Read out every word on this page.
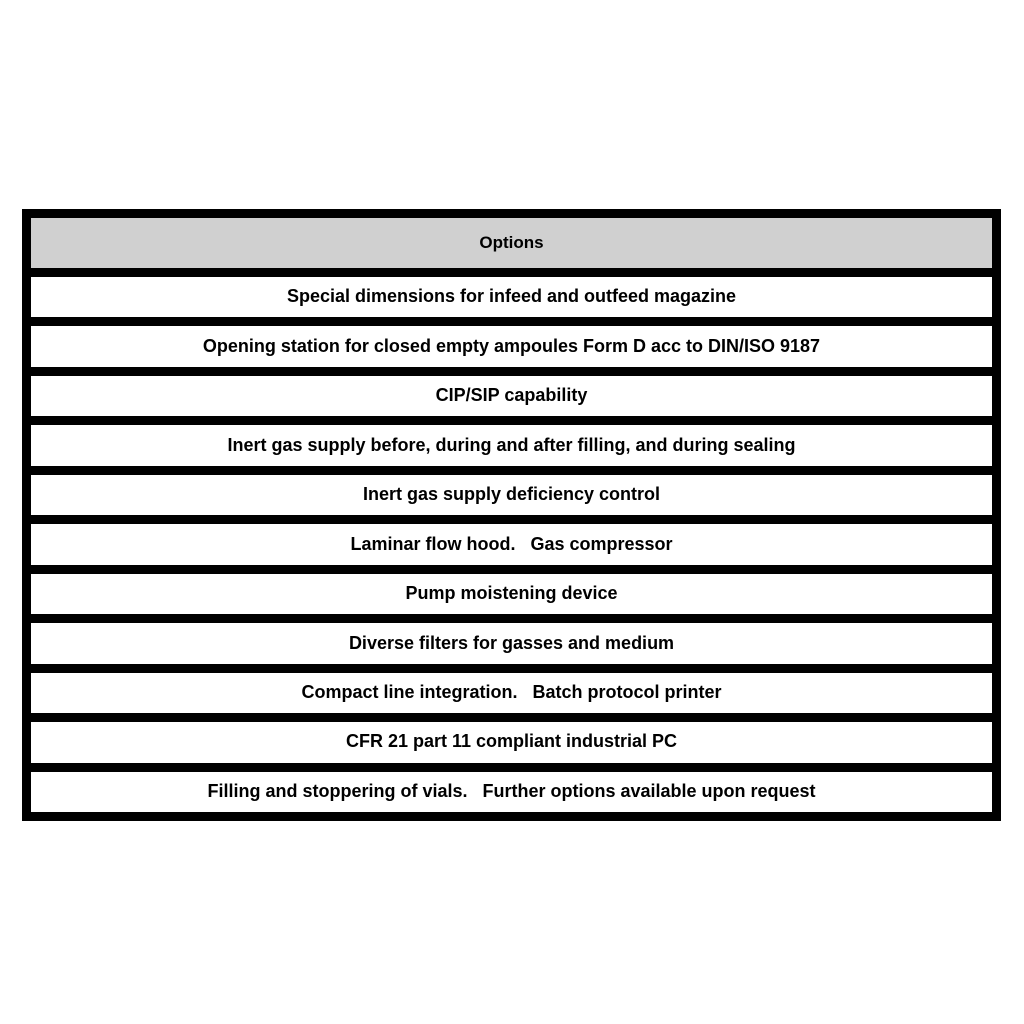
Options
Special dimensions for infeed and outfeed magazine
Opening station for closed empty ampoules Form D acc to DIN/ISO 9187
CIP/SIP capability
Inert gas supply before, during and after filling, and during sealing
Inert gas supply deficiency control
Laminar flow hood.   Gas compressor
Pump moistening device
Diverse filters for gasses and medium
Compact line integration.   Batch protocol printer
CFR 21 part 11 compliant industrial PC
Filling and stoppering of vials.   Further options available upon request
